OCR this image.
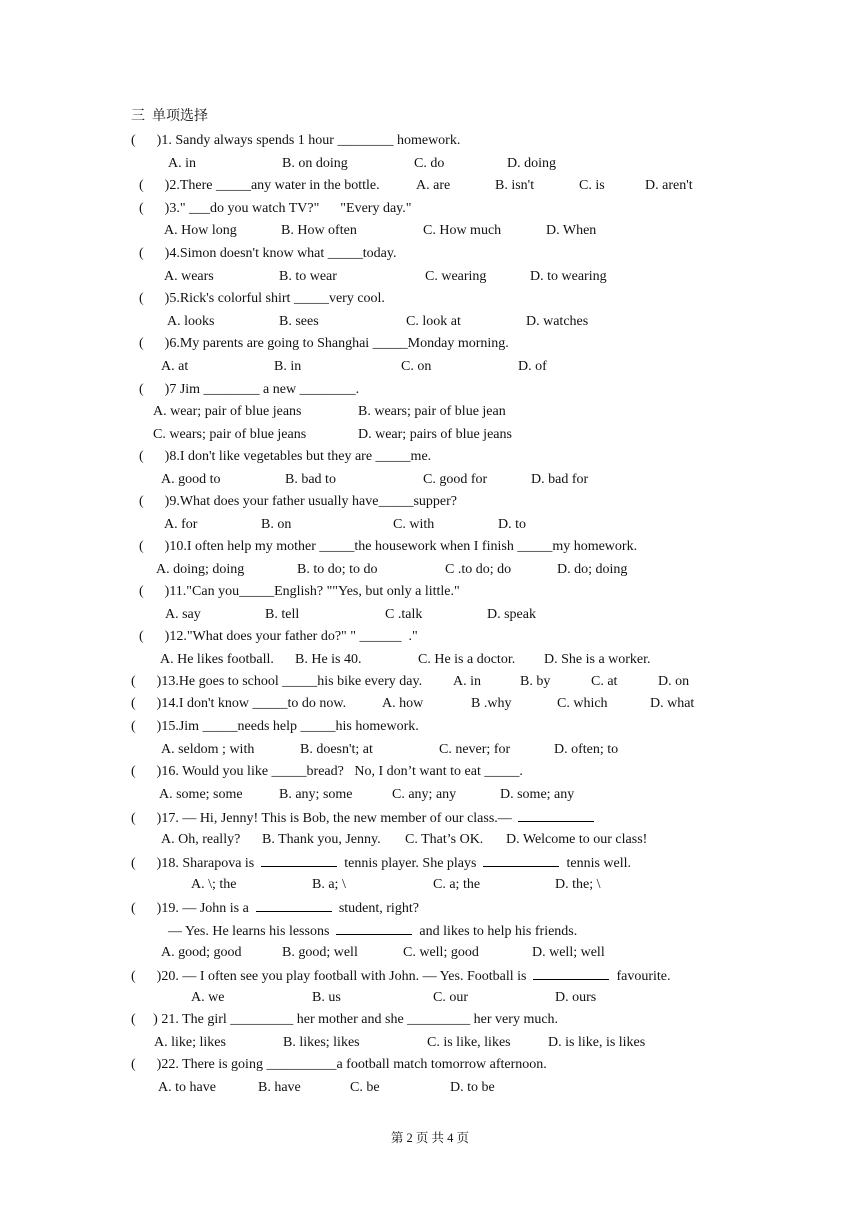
三  单项选择
(      )1. Sandy always spends 1 hour ________ homework.
A. in	B. on doing	C. do	D. doing
(      )2.There _____any water in the bottle.	A. are	B. isn't	C. is	D. aren't
(      )3." ___do you watch TV?"      "Every day."
A. How long	B. How often	C. How much	D. When
(      )4.Simon doesn't know what _____today.
A. wears	B. to wear	C. wearing	D. to wearing
(      )5.Rick's colorful shirt _____very cool.
A. looks	B. sees	C. look at	D. watches
(      )6.My parents are going to Shanghai _____Monday morning.
A. at	B. in	C. on	D. of
(      )7 Jim ________ a new ________.
A. wear; pair of blue jeans	B. wears; pair of blue jean
C. wears; pair of blue jeans	D. wear; pairs of blue jeans
(      )8.I don't like vegetables but they are _____me.
A. good to	B. bad to	C. good for	D. bad for
(      )9.What does your father usually have_____supper?
A. for	B. on	C. with	D. to
(      )10.I often help my mother _____the housework when I finish _____my homework.
A. doing; doing	B. to do; to do	C .to do; do	D. do; doing
(      )11."Can you_____English? ""Yes, but only a little."
A. say	B. tell	C .talk	D. speak
(      )12."What does your father do?" " ______  ."
A. He likes football. B. He is 40.	C. He is a doctor. D. She is a worker.
(      )13.He goes to school _____his bike every day. A. in	B. by	C. at	D. on
(      )14.I don't know _____to do now.	A. how	B .why	C. which	D. what
(      )15.Jim _____needs help _____his homework.
A. seldom ; with	B. doesn't; at	C. never; for	D. often; to
(      )16. Would you like _____bread?   No, I don’t want to eat _____.
A. some; some	B. any; some	C. any; any	D. some; any
(      )17. — Hi, Jenny! This is Bob, the new member of our class.—
A. Oh, really? B. Thank you, Jenny. C. That’s OK. D. Welcome to our class!
(      )18. Sharapova is	tennis player. She plays	tennis well.
A. \; the	B. a; \	C. a; the	D. the; \
(      )19. — John is a	student, right?
— Yes. He learns his lessons	and likes to help his friends.
A. good; good	B. good; well	C. well; good	D. well; well
(      )20. — I often see you play football with John. — Yes. Football is	favourite.
A. we	B. us	C. our	D. ours
(     ) 21. The girl _________ her mother and she _________ her very much.
A. like; likes	B. likes; likes	C. is like, likes	D. is like, is likes
(      )22. There is going __________a football match tomorrow afternoon.
A. to have	B. have	C. be	D. to be
第 2 页 共 4 页
